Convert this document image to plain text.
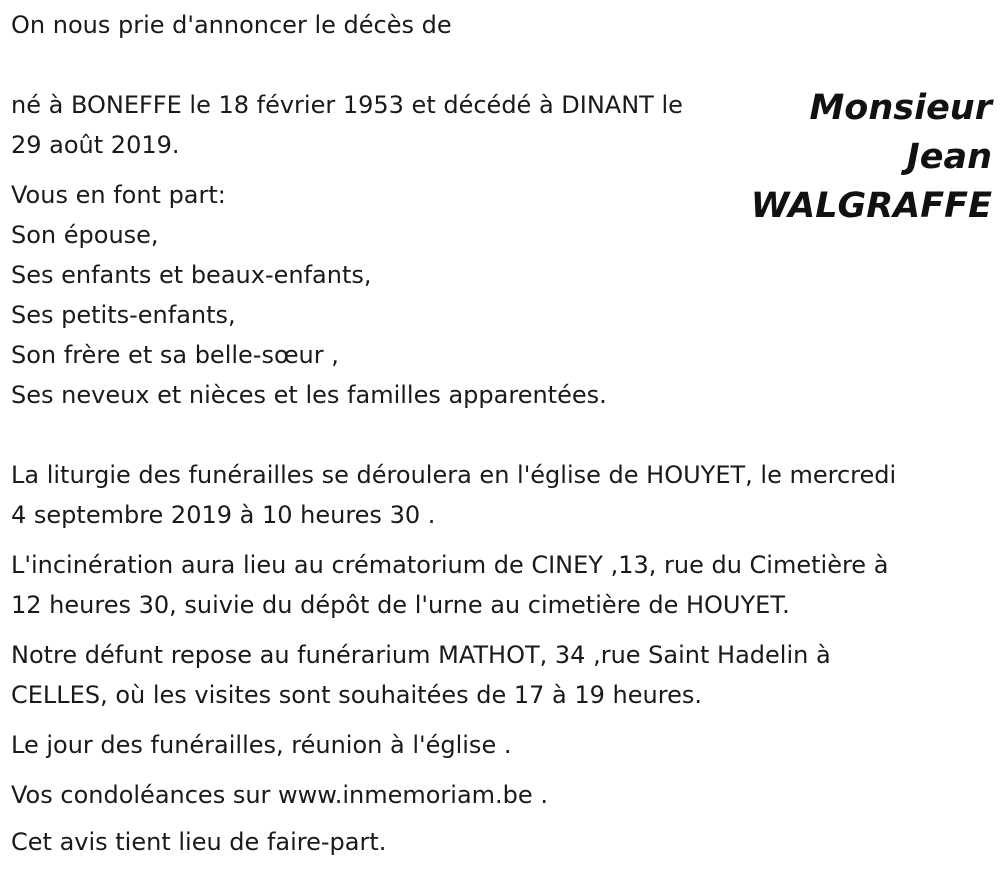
On nous prie d'annoncer le décès de

né à BONEFFE le 18 février 1953 et décédé à DINANT le

29 août 2019.

Monsieur
Jean
WALGRAFFE

Vous en font part:

Son épouse,

Ses enfants et beaux-enfants,

Ses petits-enfants,

Son frère et sa belle-sœur ,

Ses neveux et nièces et les familles apparentées.

La liturgie des funérailles se déroulera en l'église de HOUYET, le mercredi

4 septembre 2019 à 10 heures 30 .

L'incinération aura lieu au crématorium de CINEY ,13, rue du Cimetière à

12 heures 30, suivie du dépôt de l'urne au cimetière de HOUYET.

Notre défunt repose au funérarium MATHOT, 34 ,rue Saint Hadelin à

CELLES, où les visites sont souhaitées de 17 à 19 heures.

Le jour des funérailles, réunion à l'église .

Vos condoléances sur www.inmemoriam.be .

Cet avis tient lieu de faire-part.
